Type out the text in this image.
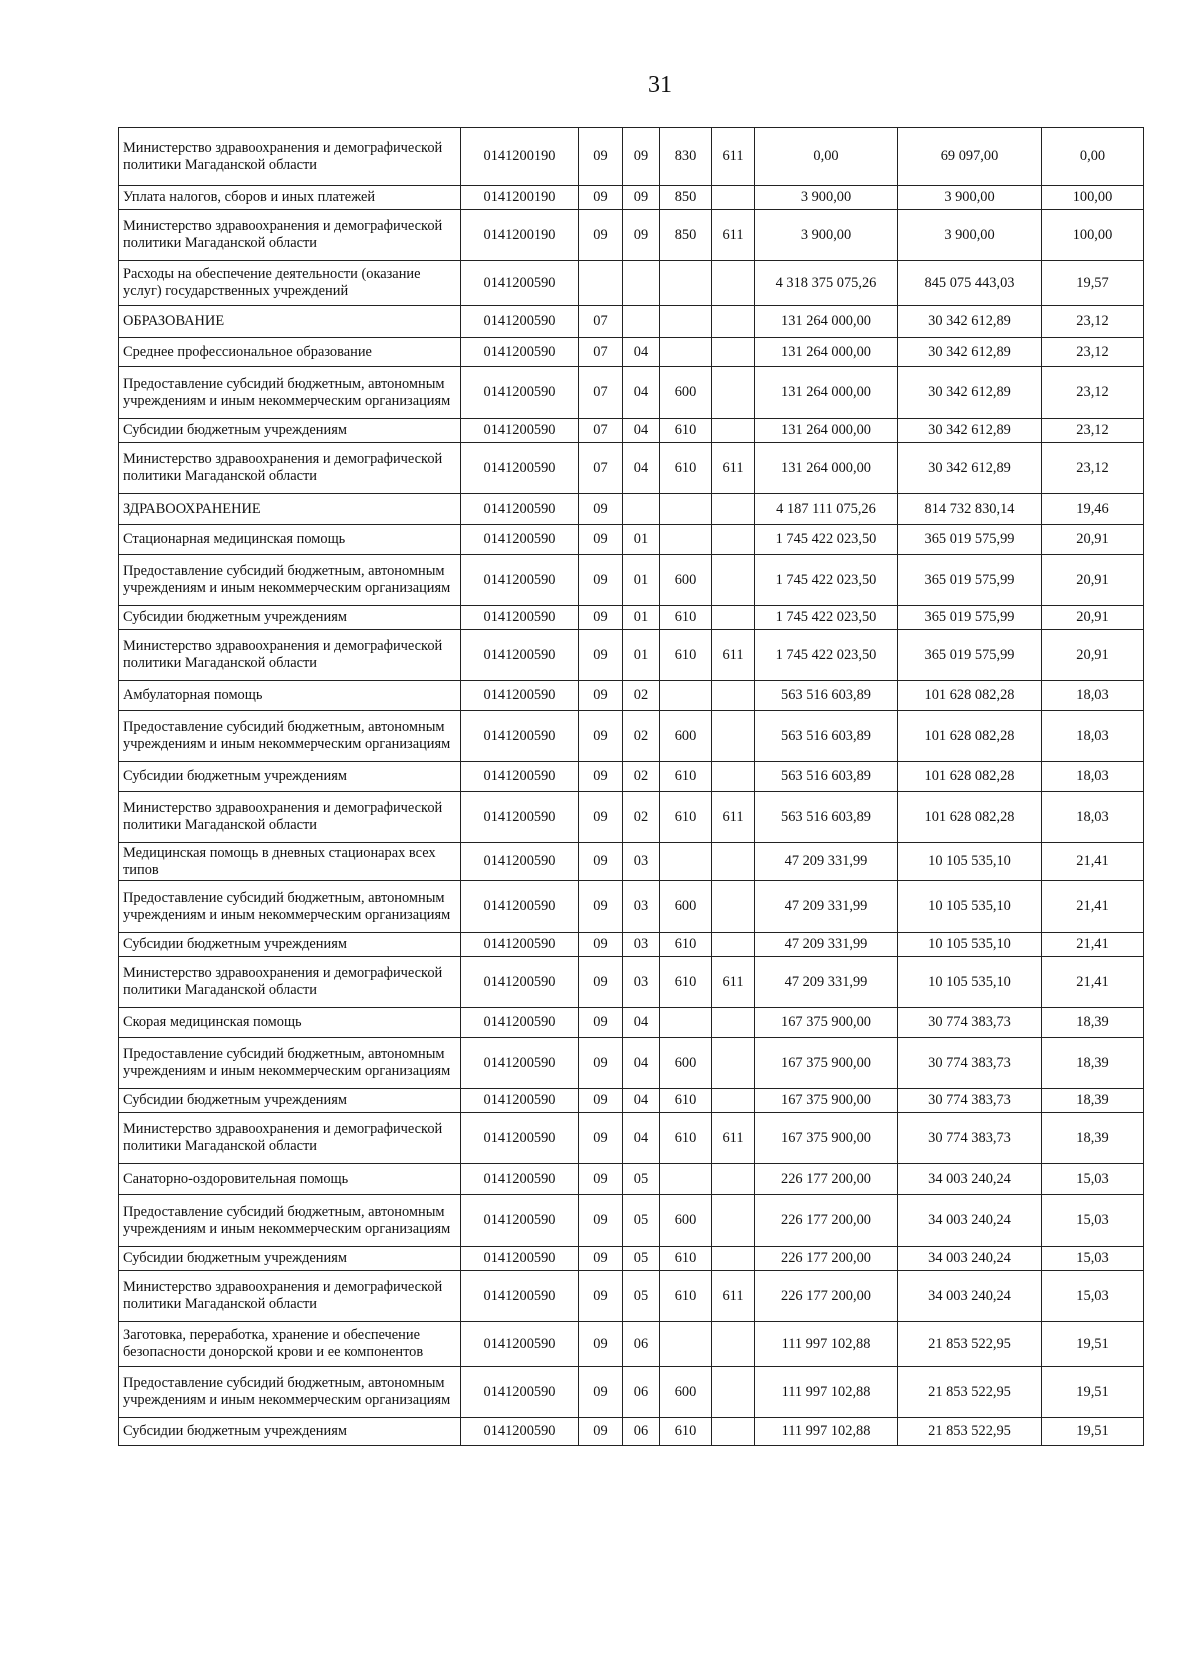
31
Министерство здравоохранения и демографической политики Магаданской области	0141200190	09	09	830	611	0,00	69 097,00	0,00
Уплата налогов, сборов и иных платежей	0141200190	09	09	850		3 900,00	3 900,00	100,00
Министерство здравоохранения и демографической политики Магаданской области	0141200190	09	09	850	611	3 900,00	3 900,00	100,00
Расходы на обеспечение деятельности (оказание услуг) государственных учреждений	0141200590					4 318 375 075,26	845 075 443,03	19,57
ОБРАЗОВАНИЕ	0141200590	07				131 264 000,00	30 342 612,89	23,12
Среднее профессиональное образование	0141200590	07	04			131 264 000,00	30 342 612,89	23,12
Предоставление субсидий бюджетным, автономным учреждениям и иным некоммерческим организациям	0141200590	07	04	600		131 264 000,00	30 342 612,89	23,12
Субсидии бюджетным учреждениям	0141200590	07	04	610		131 264 000,00	30 342 612,89	23,12
Министерство здравоохранения и демографической политики Магаданской области	0141200590	07	04	610	611	131 264 000,00	30 342 612,89	23,12
ЗДРАВООХРАНЕНИЕ	0141200590	09				4 187 111 075,26	814 732 830,14	19,46
Стационарная медицинская помощь	0141200590	09	01			1 745 422 023,50	365 019 575,99	20,91
Предоставление субсидий бюджетным, автономным учреждениям и иным некоммерческим организациям	0141200590	09	01	600		1 745 422 023,50	365 019 575,99	20,91
Субсидии бюджетным учреждениям	0141200590	09	01	610		1 745 422 023,50	365 019 575,99	20,91
Министерство здравоохранения и демографической политики Магаданской области	0141200590	09	01	610	611	1 745 422 023,50	365 019 575,99	20,91
Амбулаторная помощь	0141200590	09	02			563 516 603,89	101 628 082,28	18,03
Предоставление субсидий бюджетным, автономным учреждениям и иным некоммерческим организациям	0141200590	09	02	600		563 516 603,89	101 628 082,28	18,03
Субсидии бюджетным учреждениям	0141200590	09	02	610		563 516 603,89	101 628 082,28	18,03
Министерство здравоохранения и демографической политики Магаданской области	0141200590	09	02	610	611	563 516 603,89	101 628 082,28	18,03
Медицинская помощь в дневных стационарах всех типов	0141200590	09	03			47 209 331,99	10 105 535,10	21,41
Предоставление субсидий бюджетным, автономным учреждениям и иным некоммерческим организациям	0141200590	09	03	600		47 209 331,99	10 105 535,10	21,41
Субсидии бюджетным учреждениям	0141200590	09	03	610		47 209 331,99	10 105 535,10	21,41
Министерство здравоохранения и демографической политики Магаданской области	0141200590	09	03	610	611	47 209 331,99	10 105 535,10	21,41
Скорая медицинская помощь	0141200590	09	04			167 375 900,00	30 774 383,73	18,39
Предоставление субсидий бюджетным, автономным учреждениям и иным некоммерческим организациям	0141200590	09	04	600		167 375 900,00	30 774 383,73	18,39
Субсидии бюджетным учреждениям	0141200590	09	04	610		167 375 900,00	30 774 383,73	18,39
Министерство здравоохранения и демографической политики Магаданской области	0141200590	09	04	610	611	167 375 900,00	30 774 383,73	18,39
Санаторно-оздоровительная помощь	0141200590	09	05			226 177 200,00	34 003 240,24	15,03
Предоставление субсидий бюджетным, автономным учреждениям и иным некоммерческим организациям	0141200590	09	05	600		226 177 200,00	34 003 240,24	15,03
Субсидии бюджетным учреждениям	0141200590	09	05	610		226 177 200,00	34 003 240,24	15,03
Министерство здравоохранения и демографической политики Магаданской области	0141200590	09	05	610	611	226 177 200,00	34 003 240,24	15,03
Заготовка, переработка, хранение и обеспечение безопасности донорской крови и ее компонентов	0141200590	09	06			111 997 102,88	21 853 522,95	19,51
Предоставление субсидий бюджетным, автономным учреждениям и иным некоммерческим организациям	0141200590	09	06	600		111 997 102,88	21 853 522,95	19,51
Субсидии бюджетным учреждениям	0141200590	09	06	610		111 997 102,88	21 853 522,95	19,51
